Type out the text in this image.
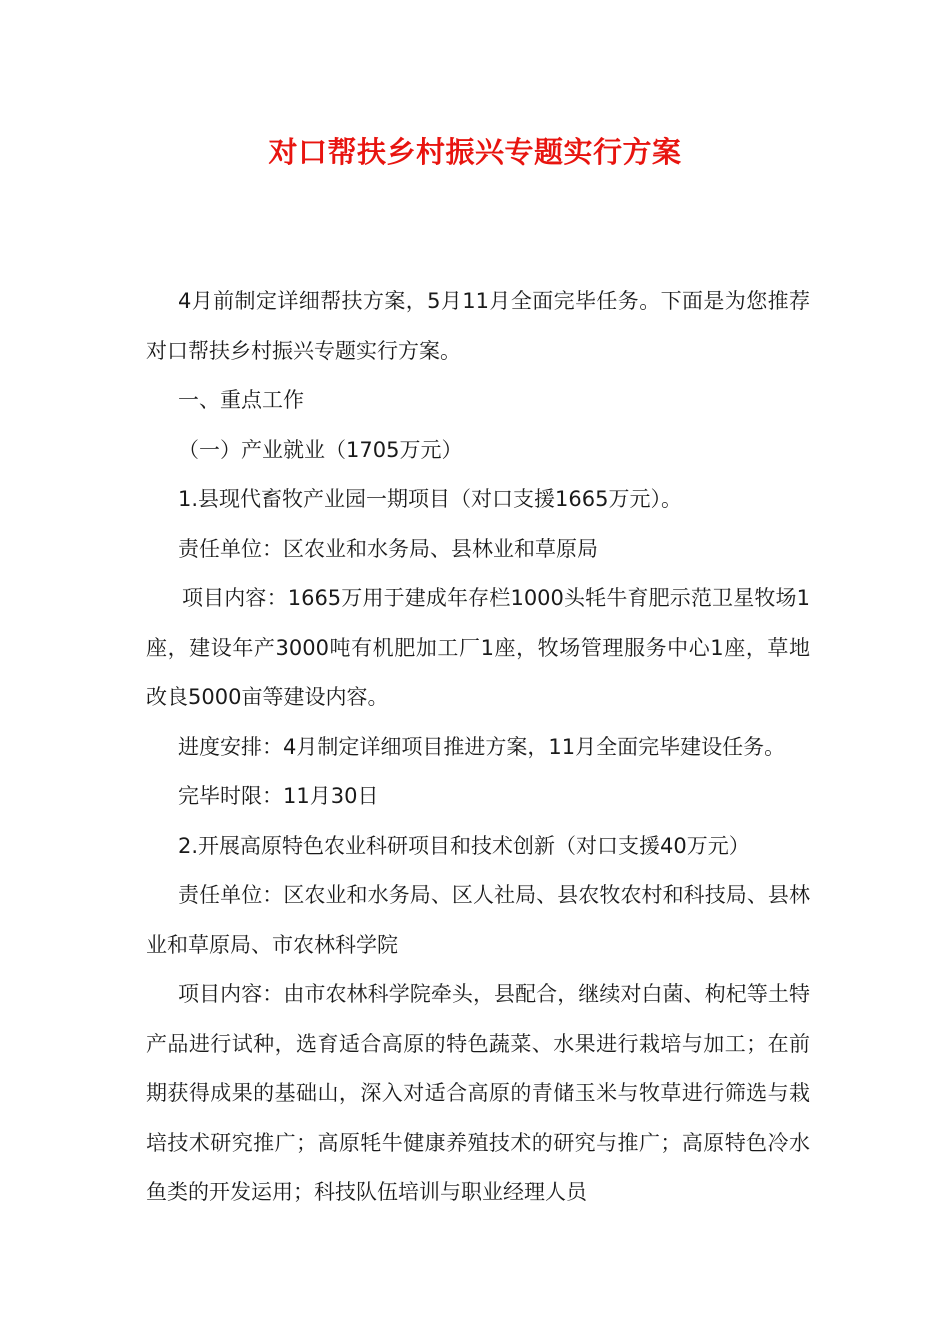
对口帮扶乡村振兴专题实行方案

4月前制定详细帮扶方案，5月11月全面完毕任务。下面是为您推荐对口帮扶乡村振兴专题实行方案。

一、重点工作

（一）产业就业（1705万元）

1.县现代畜牧产业园一期项目（对口支援1665万元）。

责任单位：区农业和水务局、县林业和草原局

项目内容：1665万用于建成年存栏1000头牦牛育肥示范卫星牧场1座，建设年产3000吨有机肥加工厂1座，牧场管理服务中心1座，草地改良5000亩等建设内容。

进度安排：4月制定详细项目推进方案，11月全面完毕建设任务。

完毕时限：11月30日

2.开展高原特色农业科研项目和技术创新（对口支援40万元）

责任单位：区农业和水务局、区人社局、县农牧农村和科技局、县林业和草原局、市农林科学院

项目内容：由市农林科学院牵头，县配合，继续对白菌、枸杞等土特产品进行试种，选育适合高原的特色蔬菜、水果进行栽培与加工；在前期获得成果的基础山，深入对适合高原的青储玉米与牧草进行筛选与栽培技术研究推广；高原牦牛健康养殖技术的研究与推广；高原特色冷水鱼类的开发运用；科技队伍培训与职业经理人员
